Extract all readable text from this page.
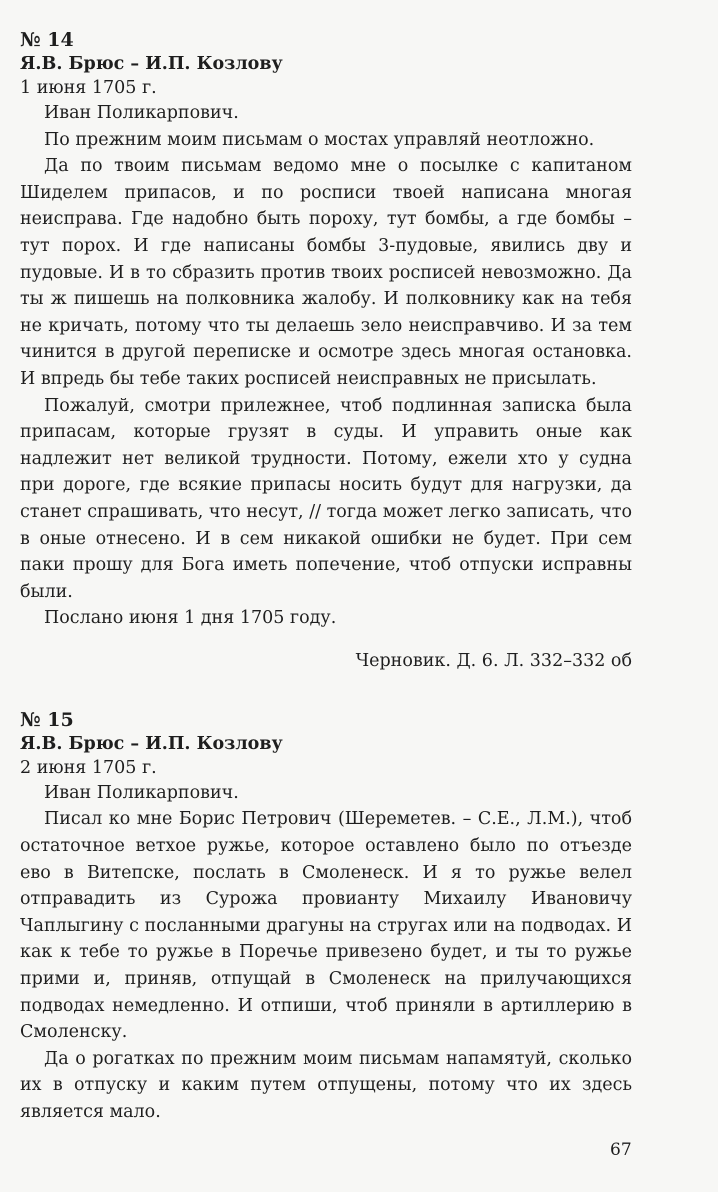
№ 14
Я.В. Брюс – И.П. Козлову
1 июня 1705 г.

Иван Поликарпович.

По прежним моим письмам о мостах управляй неотложно.

Да по твоим письмам ведомо мне о посылке с капитаном Шиделем припасов, и по росписи твоей написана многая неисправа. Где надобно быть пороху, тут бомбы, а где бомбы – тут порох. И где написаны бомбы 3-пудовые, явились дву и пудовые. И в то сбразить против твоих росписей невозможно. Да ты ж пишешь на полковника жалобу. И полковнику как на тебя не кричать, потому что ты делаешь зело неисправчиво. И за тем чинится в другой переписке и осмотре здесь многая остановка. И впредь бы тебе таких росписей неисправных не присылать.

Пожалуй, смотри прилежнее, чтоб подлинная записка была припасам, которые грузят в суды. И управить оные как надлежит нет великой трудности. Потому, ежели хто у судна при дороге, где всякие припасы носить будут для нагрузки, да станет спрашивать, что несут, // тогда может легко записать, что в оные отнесено. И в сем никакой ошибки не будет. При сем паки прошу для Бога иметь попечение, чтоб отпуски исправны были.

Послано июня 1 дня 1705 году.

Черновик. Д. 6. Л. 332–332 об
№ 15
Я.В. Брюс – И.П. Козлову
2 июня 1705 г.

Иван Поликарпович.

Писал ко мне Борис Петрович (Шереметев. – С.Е., Л.М.), чтоб остаточное ветхое ружье, которое оставлено было по отъезде ево в Витепске, послать в Смоленеск. И я то ружье велел отправадить из Сурожа провианту Михаилу Ивановичу Чаплыгину с посланными драгуны на стругах или на подводах. И как к тебе то ружье в Поречье привезено будет, и ты то ружье прими и, приняв, отпущай в Смоленеск на прилучающихся подводах немедленно. И отпиши, чтоб приняли в артиллерию в Смоленску.

Да о рогатках по прежним моим письмам напамятуй, сколько их в отпуску и каким путем отпущены, потому что их здесь является мало.

67
